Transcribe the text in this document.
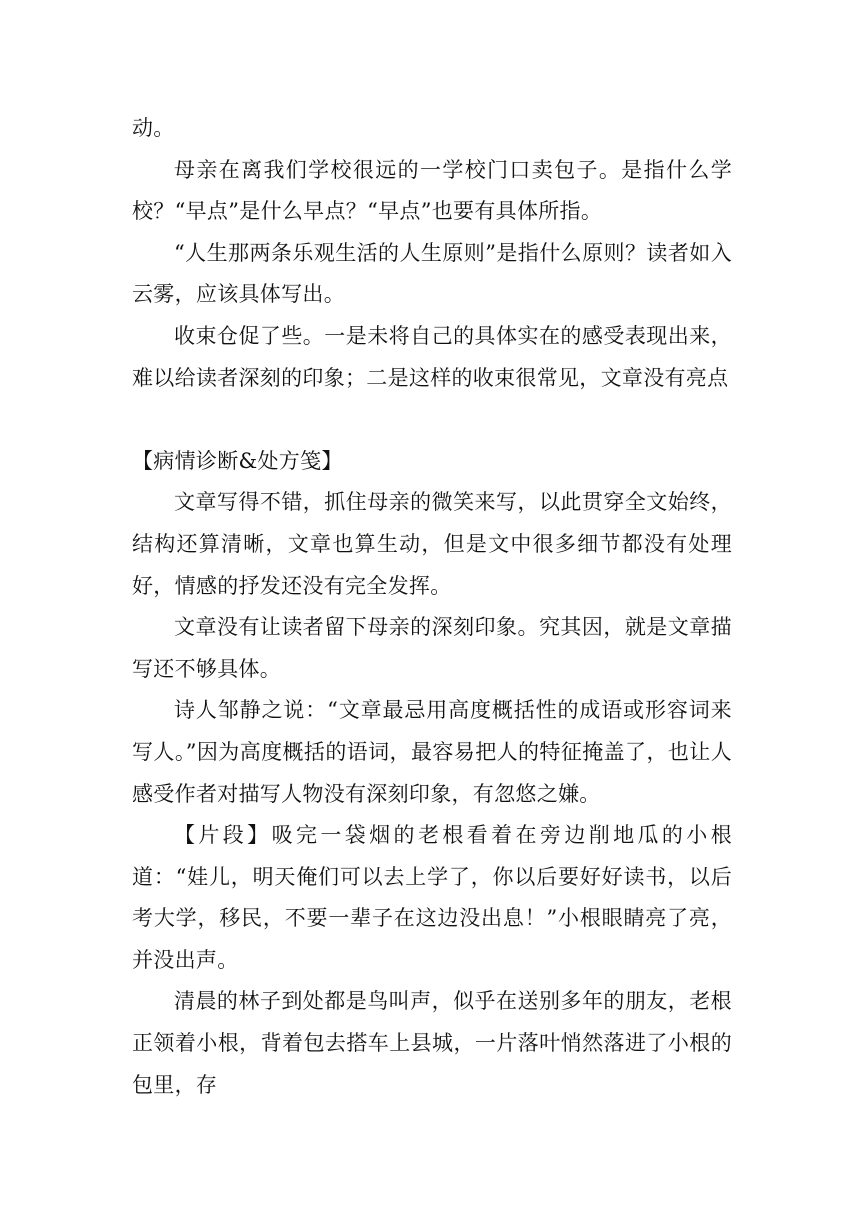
动。

母亲在离我们学校很远的一学校门口卖包子。是指什么学校？“早点”是什么早点？“早点”也要有具体所指。

“人生那两条乐观生活的人生原则”是指什么原则？读者如入云雾，应该具体写出。

收束仓促了些。一是未将自己的具体实在的感受表现出来，难以给读者深刻的印象；二是这样的收束很常见，文章没有亮点

【病情诊断&处方笺】

文章写得不错，抓住母亲的微笑来写，以此贯穿全文始终，结构还算清晰，文章也算生动，但是文中很多细节都没有处理好，情感的抒发还没有完全发挥。

文章没有让读者留下母亲的深刻印象。究其因，就是文章描写还不够具体。

诗人邹静之说：“文章最忌用高度概括性的成语或形容词来写人。”因为高度概括的语词，最容易把人的特征掩盖了，也让人感受作者对描写人物没有深刻印象，有忽悠之嫌。

【片段】吸完一袋烟的老根看着在旁边削地瓜的小根道：“娃儿，明天俺们可以去上学了，你以后要好好读书，以后考大学，移民，不要一辈子在这边没出息！”小根眼睛亮了亮，并没出声。

清晨的林子到处都是鸟叫声，似乎在送别多年的朋友，老根正领着小根，背着包去搭车上县城，一片落叶悄然落进了小根的包里，存
